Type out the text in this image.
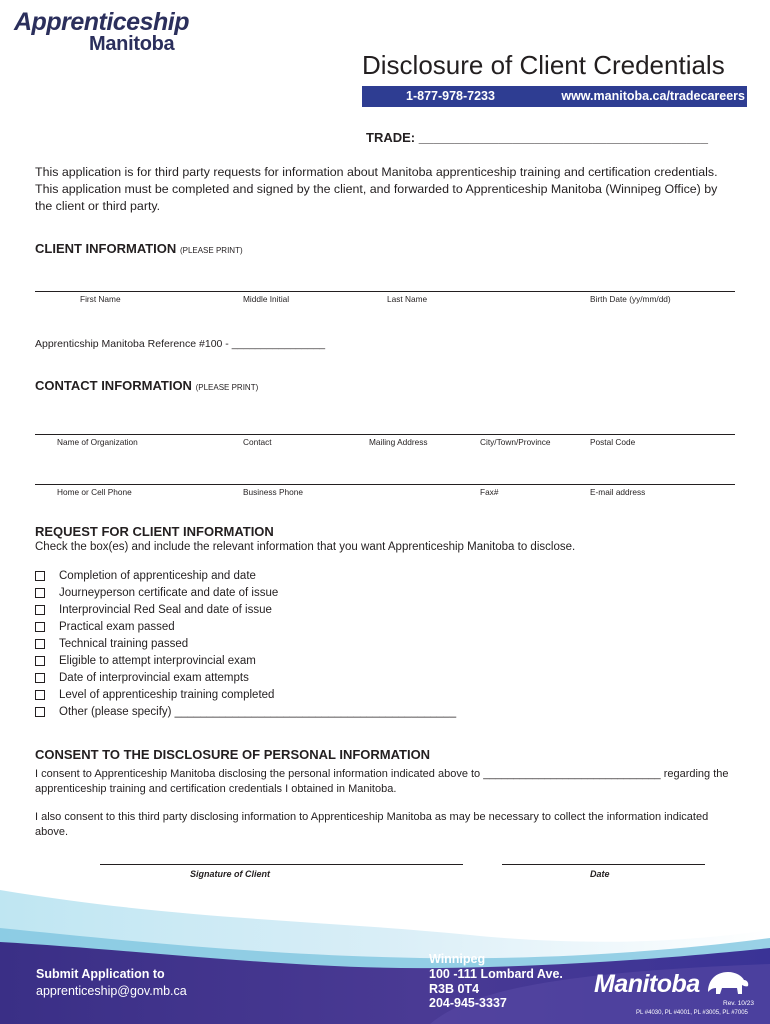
Apprenticeship
Manitoba
Disclosure of Client Credentials
1-877-978-7233	www.manitoba.ca/tradecareers
TRADE: ________________________________________
This application is for third party requests for information about Manitoba apprenticeship training and certification credentials. This application must be completed and signed by the client, and forwarded to Apprenticeship Manitoba (Winnipeg Office) by the client or third party.
CLIENT INFORMATION (PLEASE PRINT)
First Name	Middle Initial	Last Name	Birth Date (yy/mm/dd)
Apprenticship Manitoba Reference #100 - ________________
CONTACT INFORMATION (PLEASE PRINT)
Name of Organization	Contact	Mailing Address	City/Town/Province	Postal Code
Home or Cell Phone	Business Phone	Fax#	E-mail address
REQUEST FOR CLIENT INFORMATION
Check the box(es) and include the relevant information that you want Apprenticeship Manitoba to disclose.
Completion of apprenticeship and date
Journeyperson certificate and date of issue
Interprovincial Red Seal and date of issue
Practical exam passed
Technical training passed
Eligible to attempt interprovincial exam
Date of interprovincial exam attempts
Level of apprenticeship training completed
Other (please specify) ____________________________________________
CONSENT TO THE DISCLOSURE OF PERSONAL INFORMATION
I consent to Apprenticeship Manitoba disclosing the personal information indicated above to _____________________________ regarding the apprenticeship training and certification credentials I obtained in Manitoba.
I also consent to this third party disclosing information to Apprenticeship Manitoba as may be necessary to collect the information indicated above.
Signature of Client	Date
Submit Application to
apprenticeship@gov.mb.ca
Winnipeg
100 -111 Lombard Ave.
R3B 0T4
204-945-3337
Manitoba
Rev. 10/23
PL #4030, PL #4001, PL #3005, PL #7005
